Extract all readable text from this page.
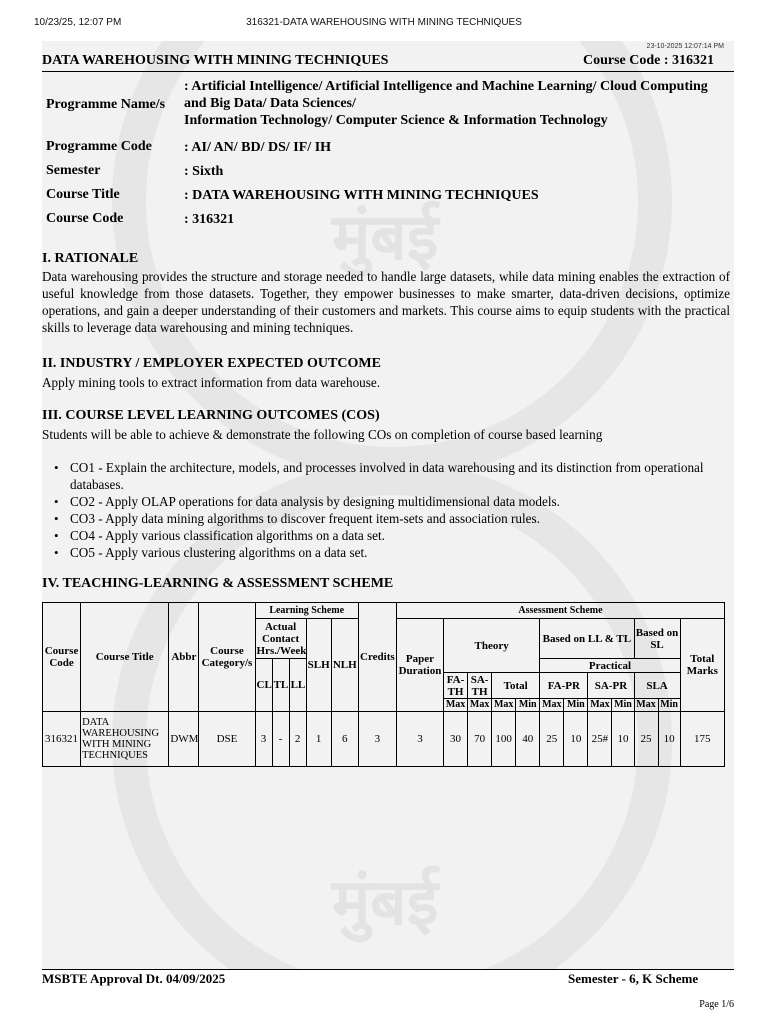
10/23/25, 12:07 PM	316321-DATA WAREHOUSING WITH MINING TECHNIQUES
मुंबई
मुंबई
23-10-2025 12:07:14 PM
DATA WAREHOUSING WITH MINING TECHNIQUES	Course Code : 316321
Programme Name/s
: Artificial Intelligence/ Artificial Intelligence and Machine Learning/ Cloud Computing
and Big Data/ Data Sciences/
Information Technology/ Computer Science & Information Technology
Programme Code : AI/ AN/ BD/ DS/ IF/ IH
Semester	: Sixth
Course Title	: DATA WAREHOUSING WITH MINING TECHNIQUES
Course Code	: 316321
I. RATIONALE
Data warehousing provides the structure and storage needed to handle large datasets, while data mining enables the extraction of useful knowledge from those datasets. Together, they empower businesses to make smarter, data-driven decisions, optimize operations, and gain a deeper understanding of their customers and markets. This course aims to equip students with the practical skills to leverage data warehousing and mining techniques.
II. INDUSTRY / EMPLOYER EXPECTED OUTCOME
Apply mining tools to extract information from data warehouse.
III. COURSE LEVEL LEARNING OUTCOMES (COS)
Students will be able to achieve & demonstrate the following COs on completion of course based learning
• CO1 - Explain the architecture, models, and processes involved in data warehousing and its distinction from operational databases.
• CO2 - Apply OLAP operations for data analysis by designing multidimensional data models.
• CO3 - Apply data mining algorithms to discover frequent item-sets and association rules.
• CO4 - Apply various classification algorithms on a data set.
• CO5 - Apply various clustering algorithms on a data set.
IV. TEACHING-LEARNING & ASSESSMENT SCHEME
Course Code	Course Title	Abbr	Course Category/s	Learning Scheme					Credits	Assessment Scheme											
				Actual Contact Hrs./Week			SLH	NLH		Paper Duration	Theory				Based on LL & TL				Based on SL		Total Marks
				CL	TL	LL									Practical						
											FA-TH	SA-TH	Total		FA-PR		SA-PR		SLA		
											Max	Max	Max	Min	Max	Min	Max	Min	Max	Min	
316321	DATA WAREHOUSING WITH MINING TECHNIQUES	DWM	DSE	3	-	2	1	6	3	3	30	70	100	40	25	10	25#	10	25	10	175
MSBTE Approval Dt. 04/09/2025	Semester - 6, K Scheme
Page 1/6
